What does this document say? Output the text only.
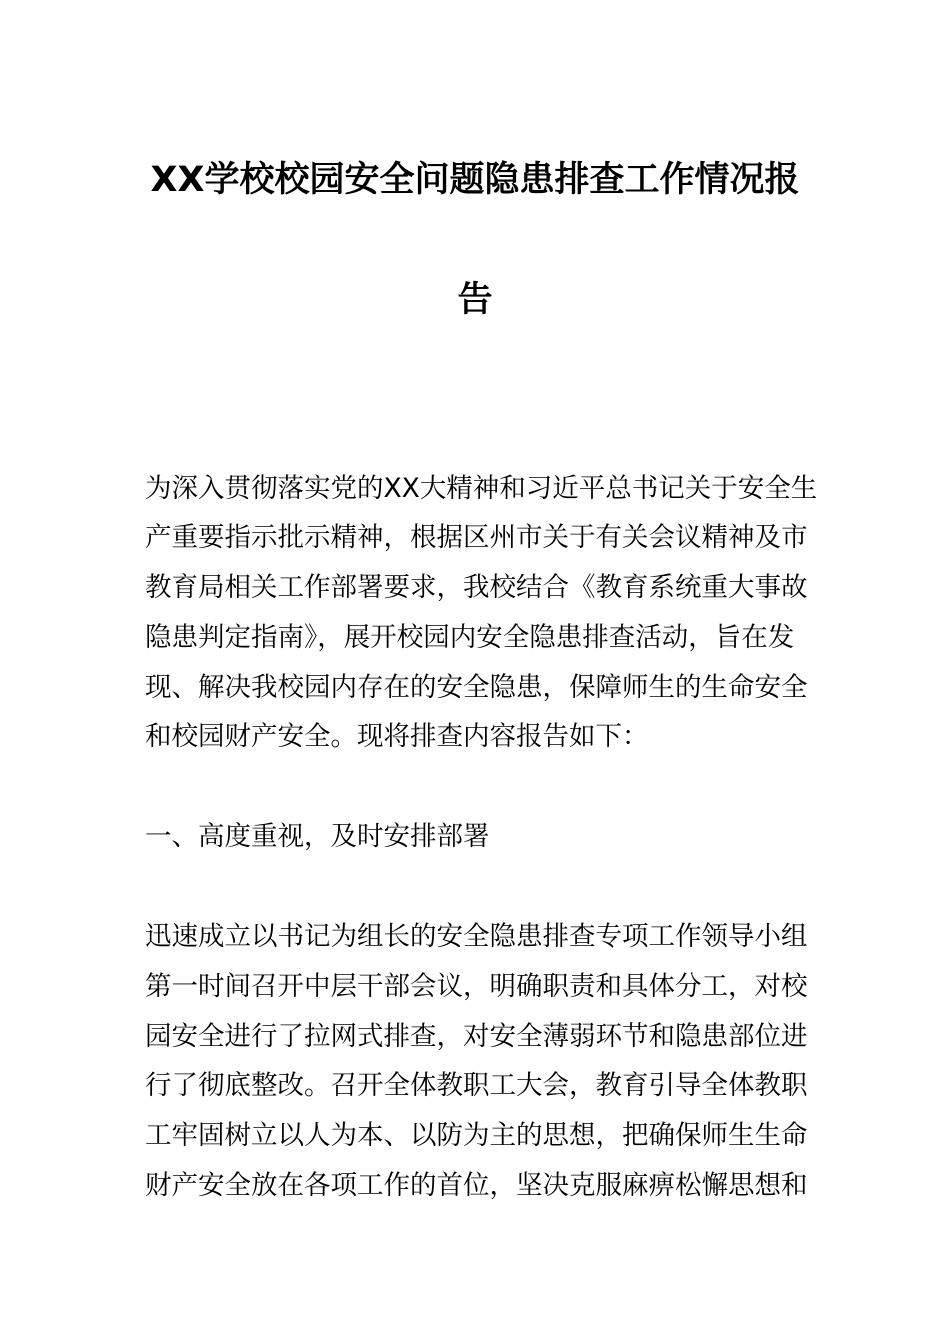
XX学校校园安全问题隐患排查工作情况报
告
为深入贯彻落实党的XX大精神和习近平总书记关于安全生
产重要指示批示精神，根据区州市关于有关会议精神及市
教育局相关工作部署要求，我校结合《教育系统重大事故
隐患判定指南》，展开校园内安全隐患排查活动，旨在发
现、解决我校园内存在的安全隐患，保障师生的生命安全
和校园财产安全。现将排查内容报告如下：
一、高度重视，及时安排部署
迅速成立以书记为组长的安全隐患排查专项工作领导小组
第一时间召开中层干部会议，明确职责和具体分工，对校
园安全进行了拉网式排查，对安全薄弱环节和隐患部位进
行了彻底整改。召开全体教职工大会，教育引导全体教职
工牢固树立以人为本、以防为主的思想，把确保师生生命
财产安全放在各项工作的首位，坚决克服麻痹松懈思想和
